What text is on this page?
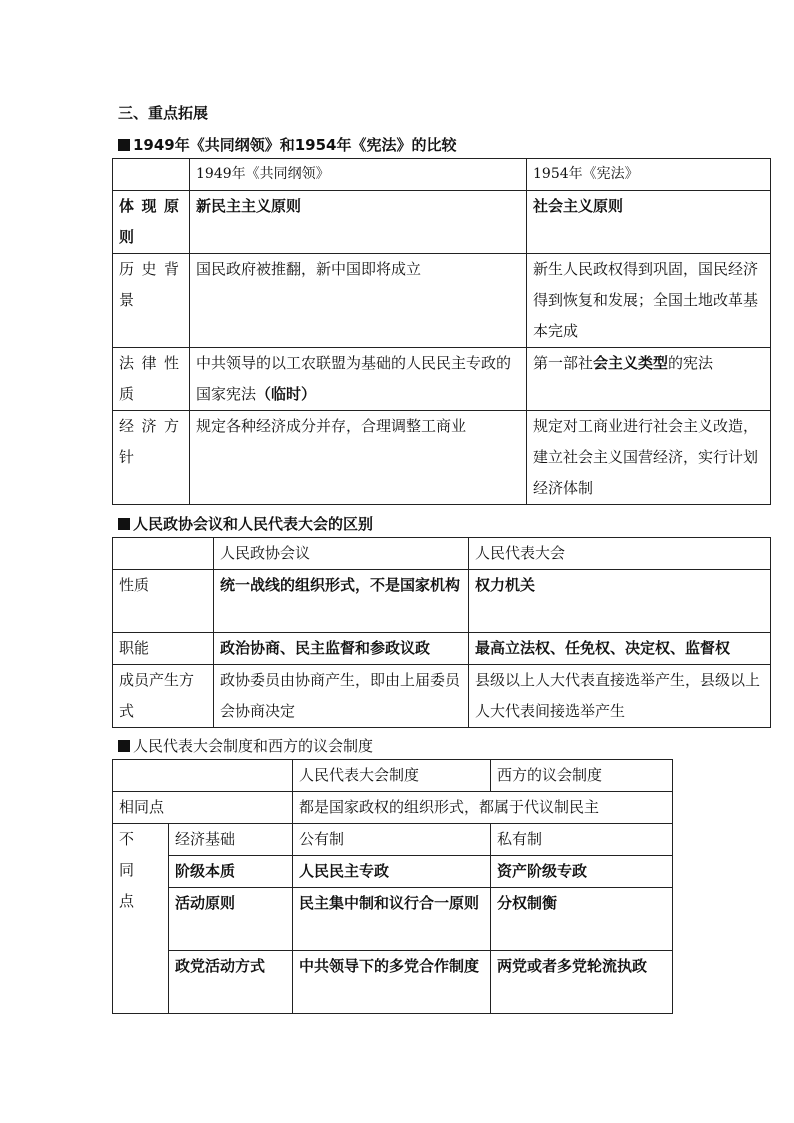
三、重点拓展
1949年《共同纲领》和1954年《宪法》的比较
	1949年《共同纲领》	1954年《宪法》
体现原则	新民主主义原则	社会主义原则
历史背景	国民政府被推翻，新中国即将成立	新生人民政权得到巩固，国民经济得到恢复和发展；全国土地改革基本完成
法律性质	中共领导的以工农联盟为基础的人民民主专政的国家宪法（临时）	第一部社会主义类型的宪法
经济方针	规定各种经济成分并存，合理调整工商业	规定对工商业进行社会主义改造，建立社会主义国营经济，实行计划经济体制
人民政协会议和人民代表大会的区别
	人民政协会议	人民代表大会
性质	统一战线的组织形式，不是国家机构	权力机关
职能	政治协商、民主监督和参政议政	最高立法权、任免权、决定权、监督权
成员产生方式	政协委员由协商产生，即由上届委员会协商决定	县级以上人大代表直接选举产生，县级以上人大代表间接选举产生
人民代表大会制度和西方的议会制度
		人民代表大会制度	西方的议会制度
相同点		都是国家政权的组织形式，都属于代议制民主	

不
同
点	经济基础	公有制	私有制
	阶级本质	人民民主专政	资产阶级专政
	活动原则	民主集中制和议行合一原则	分权制衡
	政党活动方式	中共领导下的多党合作制度	两党或者多党轮流执政
